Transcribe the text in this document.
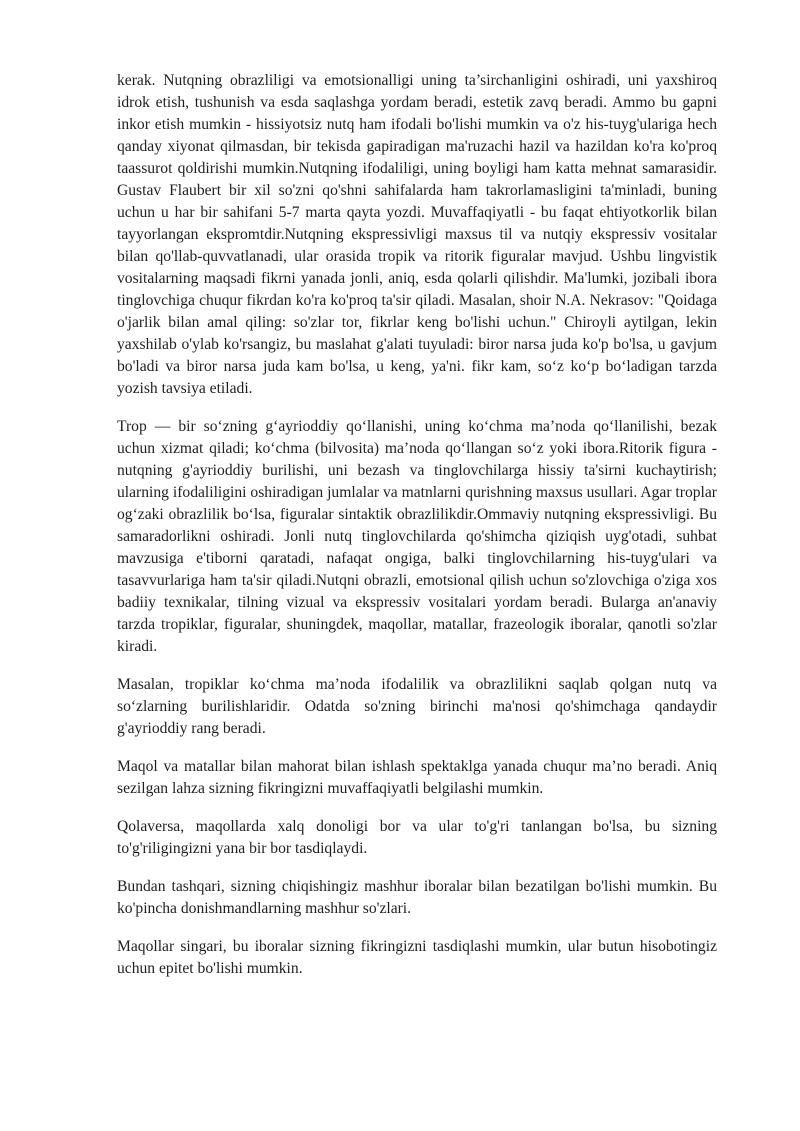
kerak. Nutqning obrazliligi va emotsionalligi uning ta’sirchanligini oshiradi, uni yaxshiroq idrok etish, tushunish va esda saqlashga yordam beradi, estetik zavq beradi. Ammo bu gapni inkor etish mumkin - hissiyotsiz nutq ham ifodali bo'lishi mumkin va o'z his-tuyg'ulariga hech qanday xiyonat qilmasdan, bir tekisda gapiradigan ma'ruzachi hazil va hazildan ko'ra ko'proq taassurot qoldirishi mumkin.Nutqning ifodaliligi, uning boyligi ham katta mehnat samarasidir. Gustav Flaubert bir xil so'zni qo'shni sahifalarda ham takrorlamasligini ta'minladi, buning uchun u har bir sahifani 5-7 marta qayta yozdi. Muvaffaqiyatli - bu faqat ehtiyotkorlik bilan tayyorlangan ekspromtdir.Nutqning ekspressivligi maxsus til va nutqiy ekspressiv vositalar bilan qo'llab-quvvatlanadi, ular orasida tropik va ritorik figuralar mavjud. Ushbu lingvistik vositalarning maqsadi fikrni yanada jonli, aniq, esda qolarli qilishdir. Ma'lumki, jozibali ibora tinglovchiga chuqur fikrdan ko'ra ko'proq ta'sir qiladi. Masalan, shoir N.A. Nekrasov: "Qoidaga o'jarlik bilan amal qiling: so'zlar tor, fikrlar keng bo'lishi uchun." Chiroyli aytilgan, lekin yaxshilab o'ylab ko'rsangiz, bu maslahat g'alati tuyuladi: biror narsa juda ko'p bo'lsa, u gavjum bo'ladi va biror narsa juda kam bo'lsa, u keng, ya'ni. fikr kam, so‘z ko‘p bo‘ladigan tarzda yozish tavsiya etiladi.

Trop — bir so‘zning g‘ayrioddiy qo‘llanishi, uning ko‘chma ma’noda qo‘llanilishi, bezak uchun xizmat qiladi; ko‘chma (bilvosita) ma’noda qo‘llangan so‘z yoki ibora.Ritorik figura - nutqning g'ayrioddiy burilishi, uni bezash va tinglovchilarga hissiy ta'sirni kuchaytirish; ularning ifodaliligini oshiradigan jumlalar va matnlarni qurishning maxsus usullari. Agar troplar og‘zaki obrazlilik bo‘lsa, figuralar sintaktik obrazlilikdir.Ommaviy nutqning ekspressivligi. Bu samaradorlikni oshiradi. Jonli nutq tinglovchilarda qo'shimcha qiziqish uyg'otadi, suhbat mavzusiga e'tiborni qaratadi, nafaqat ongiga, balki tinglovchilarning his-tuyg'ulari va tasavvurlariga ham ta'sir qiladi.Nutqni obrazli, emotsional qilish uchun so'zlovchiga o'ziga xos badiiy texnikalar, tilning vizual va ekspressiv vositalari yordam beradi. Bularga an'anaviy tarzda tropiklar, figuralar, shuningdek, maqollar, matallar, frazeologik iboralar, qanotli so'zlar kiradi.

Masalan, tropiklar ko‘chma ma’noda ifodalilik va obrazlilikni saqlab qolgan nutq va so‘zlarning burilishlaridir. Odatda so'zning birinchi ma'nosi qo'shimchaga qandaydir g'ayrioddiy rang beradi.

Maqol va matallar bilan mahorat bilan ishlash spektaklga yanada chuqur ma’no beradi. Aniq sezilgan lahza sizning fikringizni muvaffaqiyatli belgilashi mumkin.

Qolaversa, maqollarda xalq donoligi bor va ular to'g'ri tanlangan bo'lsa, bu sizning to'g'riligingizni yana bir bor tasdiqlaydi.

Bundan tashqari, sizning chiqishingiz mashhur iboralar bilan bezatilgan bo'lishi mumkin. Bu ko'pincha donishmandlarning mashhur so'zlari.

Maqollar singari, bu iboralar sizning fikringizni tasdiqlashi mumkin, ular butun hisobotingiz uchun epitet bo'lishi mumkin.
